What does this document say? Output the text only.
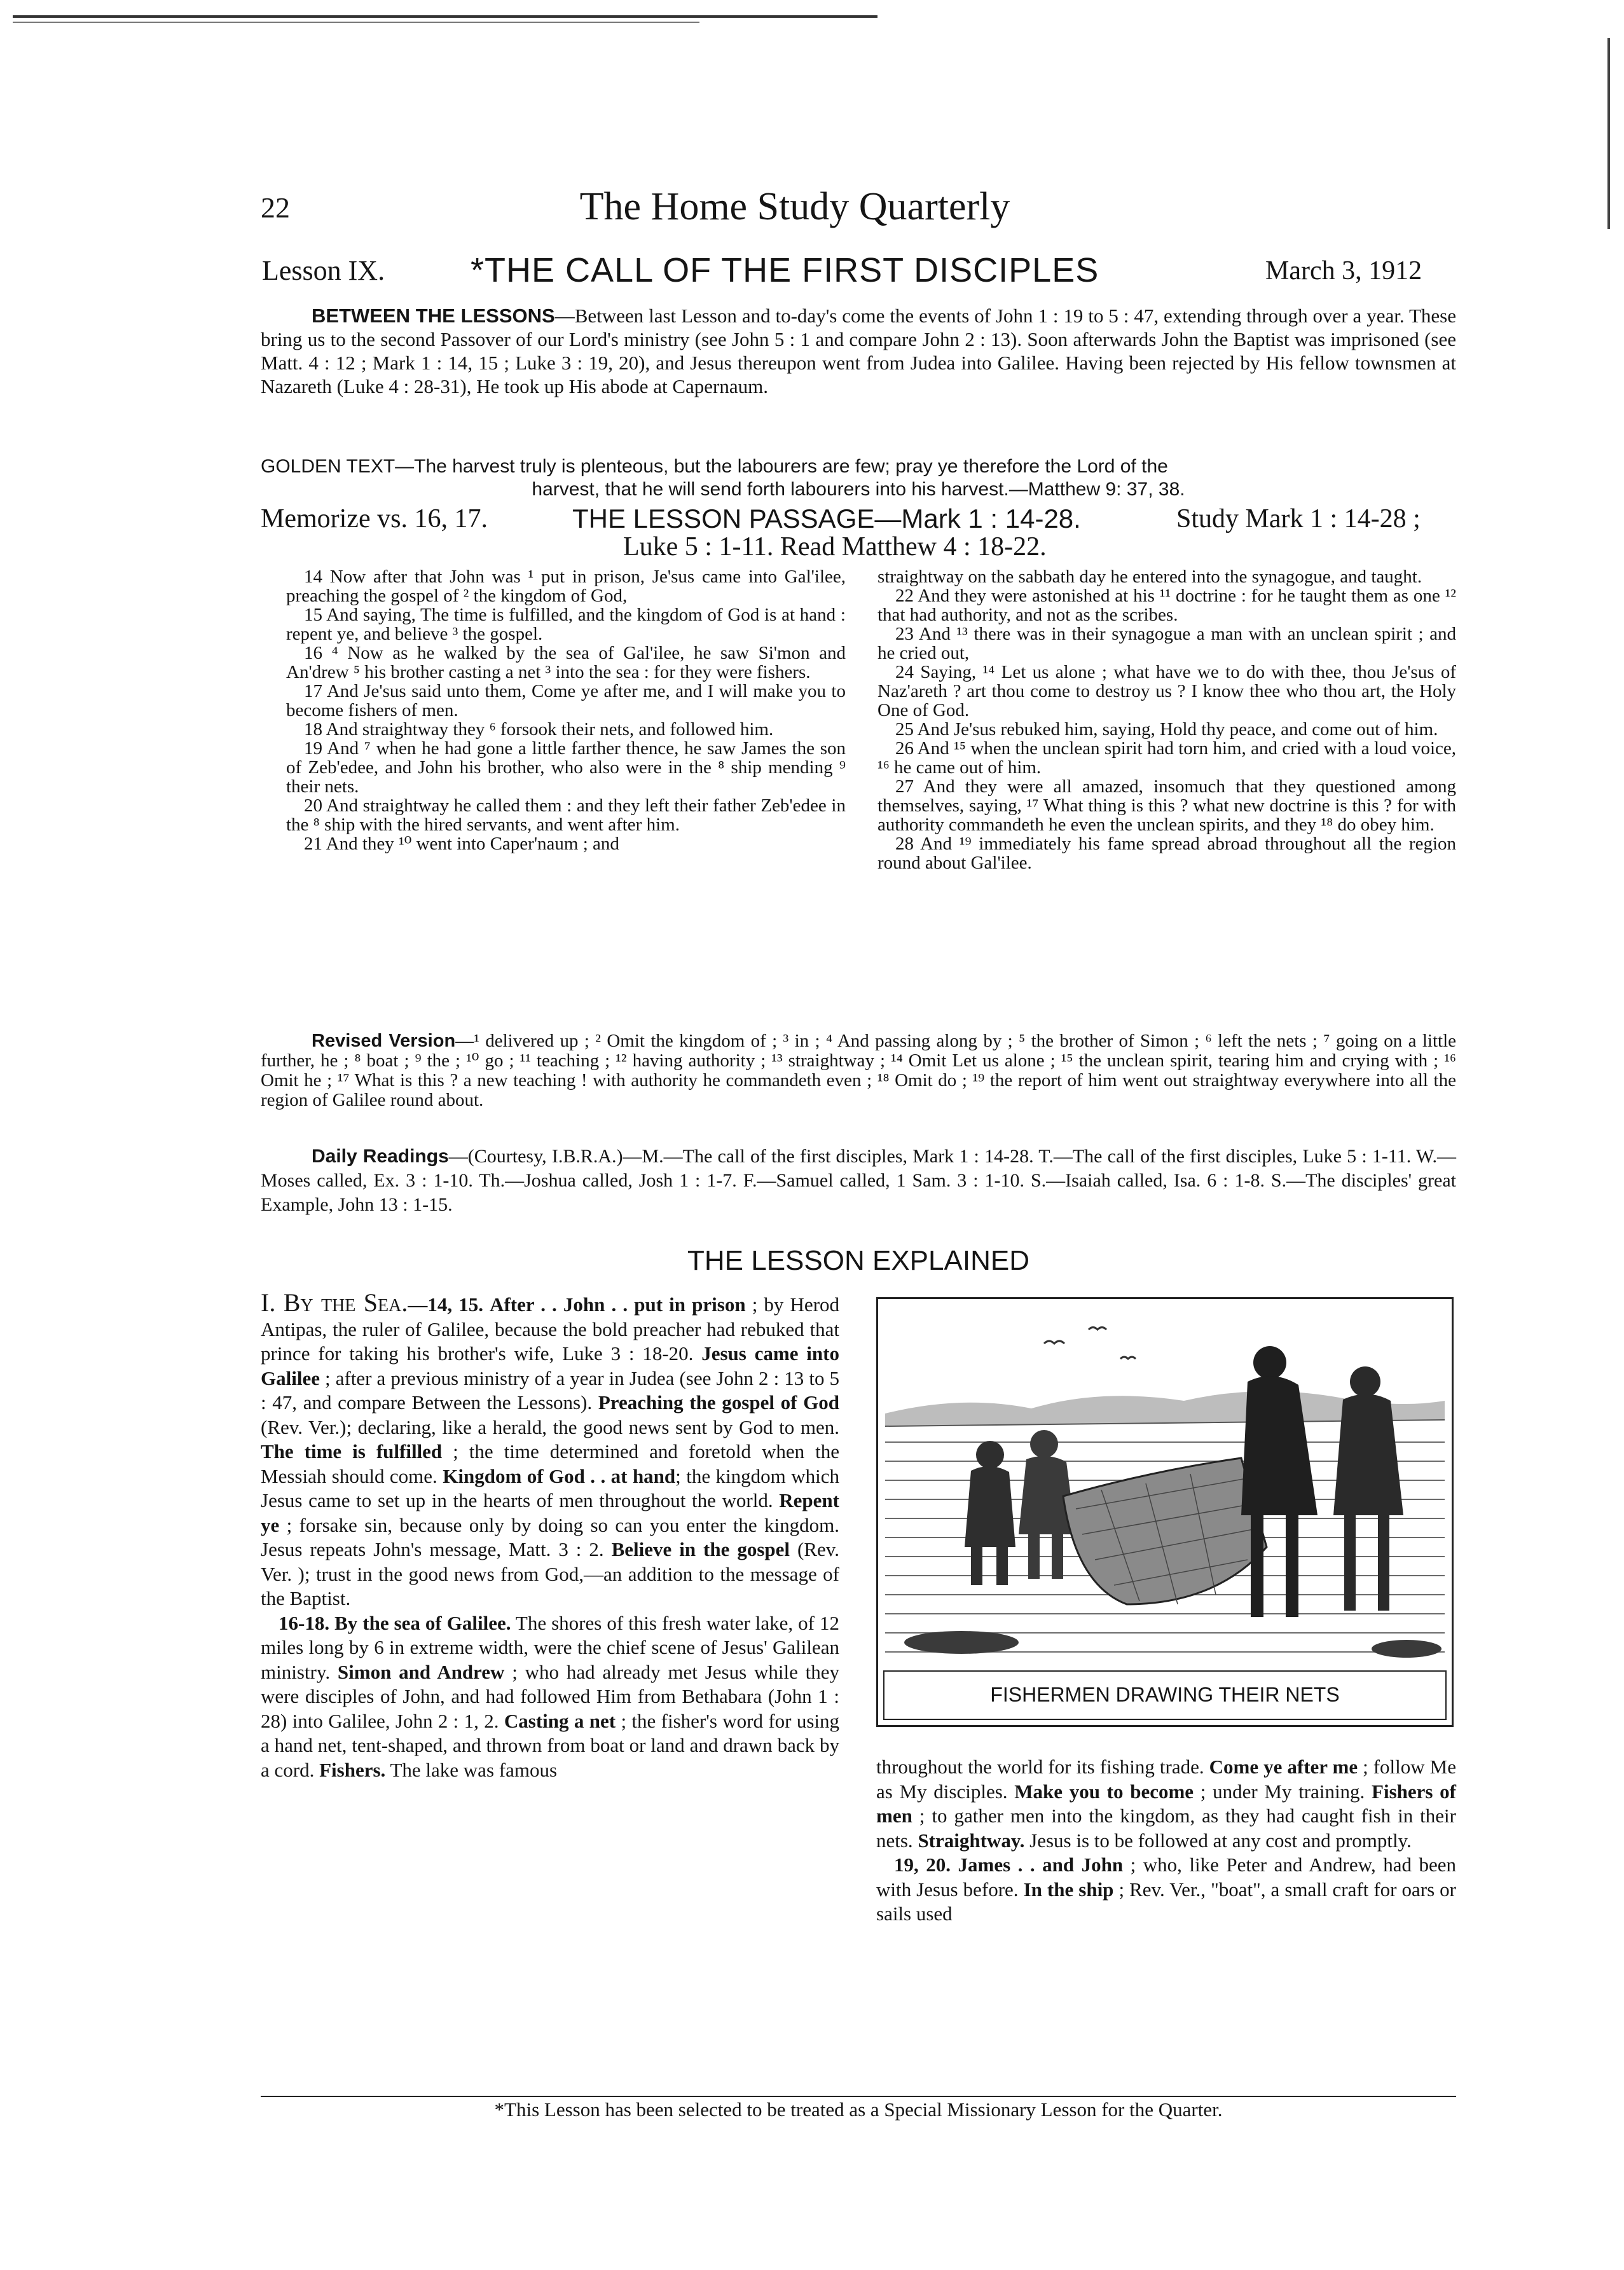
22	The Home Study Quarterly
Lesson IX. *THE CALL OF THE FIRST DISCIPLES	March 3, 1912
BETWEEN THE LESSONS—Between last Lesson and to-day's come the events of John 1 : 19 to 5 : 47, extending through over a year. These bring us to the second Passover of our Lord's ministry (see John 5 : 1 and compare John 2 : 13). Soon afterwards John the Baptist was imprisoned (see Matt. 4 : 12 ; Mark 1 : 14, 15 ; Luke 3 : 19, 20), and Jesus thereupon went from Judea into Galilee. Having been rejected by His fellow townsmen at Nazareth (Luke 4 : 28-31), He took up His abode at Capernaum.
GOLDEN TEXT—The harvest truly is plenteous, but the labourers are few; pray ye therefore the Lord of the
harvest, that he will send forth labourers into his harvest.—Matthew 9: 37, 38.
Memorize vs. 16, 17.	THE LESSON PASSAGE—Mark 1 : 14-28.	Study Mark 1 : 14-28 ;
Luke 5 : 1-11. Read Matthew 4 : 18-22.

14 Now after that John was ¹ put in prison, Je'sus came into Gal'ilee, preaching the gospel of ² the kingdom of God,

15 And saying, The time is fulfilled, and the kingdom of God is at hand : repent ye, and believe ³ the gospel.

16 ⁴ Now as he walked by the sea of Gal'ilee, he saw Si'mon and An'drew ⁵ his brother casting a net ³ into the sea : for they were fishers.

17 And Je'sus said unto them, Come ye after me, and I will make you to become fishers of men.

18 And straightway they ⁶ forsook their nets, and followed him.

19 And ⁷ when he had gone a little farther thence, he saw James the son of Zeb'edee, and John his brother, who also were in the ⁸ ship mending ⁹ their nets.

20 And straightway he called them : and they left their father Zeb'edee in the ⁸ ship with the hired servants, and went after him.

21 And they ¹⁰ went into Caper'naum ; and

straightway on the sabbath day he entered into the synagogue, and taught.

22 And they were astonished at his ¹¹ doctrine : for he taught them as one ¹² that had authority, and not as the scribes.

23 And ¹³ there was in their synagogue a man with an unclean spirit ; and he cried out,

24 Saying, ¹⁴ Let us alone ; what have we to do with thee, thou Je'sus of Naz'areth ? art thou come to destroy us ? I know thee who thou art, the Holy One of God.

25 And Je'sus rebuked him, saying, Hold thy peace, and come out of him.

26 And ¹⁵ when the unclean spirit had torn him, and cried with a loud voice, ¹⁶ he came out of him.

27 And they were all amazed, insomuch that they questioned among themselves, saying, ¹⁷ What thing is this ? what new doctrine is this ? for with authority commandeth he even the unclean spirits, and they ¹⁸ do obey him.

28 And ¹⁹ immediately his fame spread abroad throughout all the region round about Gal'ilee.

Revised Version—¹ delivered up ; ² Omit the kingdom of ; ³ in ; ⁴ And passing along by ; ⁵ the brother of Simon ; ⁶ left the nets ; ⁷ going on a little further, he ; ⁸ boat ; ⁹ the ; ¹⁰ go ; ¹¹ teaching ; ¹² having authority ; ¹³ straightway ; ¹⁴ Omit Let us alone ; ¹⁵ the unclean spirit, tearing him and crying with ; ¹⁶ Omit he ; ¹⁷ What is this ? a new teaching ! with authority he commandeth even ; ¹⁸ Omit do ; ¹⁹ the report of him went out straightway everywhere into all the region of Galilee round about.
Daily Readings—(Courtesy, I.B.R.A.)—M.—The call of the first disciples, Mark 1 : 14-28. T.—The call of the first disciples, Luke 5 : 1-11. W.—Moses called, Ex. 3 : 1-10. Th.—Joshua called, Josh 1 : 1-7. F.—Samuel called, 1 Sam. 3 : 1-10. S.—Isaiah called, Isa. 6 : 1-8. S.—The disciples' great Example, John 13 : 1-15.
THE LESSON EXPLAINED

I. By the Sea.—14, 15. After . . John . . put in prison ; by Herod Antipas, the ruler of Galilee, because the bold preacher had rebuked that prince for taking his brother's wife, Luke 3 : 18-20. Jesus came into Galilee ; after a previous ministry of a year in Judea (see John 2 : 13 to 5 : 47, and compare Between the Lessons). Preaching the gospel of God (Rev. Ver.); declaring, like a herald, the good news sent by God to men. The time is fulfilled ; the time determined and foretold when the Messiah should come. Kingdom of God . . at hand; the kingdom which Jesus came to set up in the hearts of men throughout the world. Repent ye ; forsake sin, because only by doing so can you enter the kingdom. Jesus repeats John's message, Matt. 3 : 2. Believe in the gospel (Rev. Ver. ); trust in the good news from God,—an addition to the message of the Baptist.

16-18. By the sea of Galilee. The shores of this fresh water lake, of 12 miles long by 6 in extreme width, were the chief scene of Jesus' Galilean ministry. Simon and Andrew ; who had already met Jesus while they were disciples of John, and had followed Him from Bethabara (John 1 : 28) into Galilee, John 2 : 1, 2. Casting a net ; the fisher's word for using a hand net, tent-shaped, and thrown from boat or land and drawn back by a cord. Fishers. The lake was famous

FISHERMEN DRAWING THEIR NETS

throughout the world for its fishing trade. Come ye after me ; follow Me as My disciples. Make you to become ; under My training. Fishers of men ; to gather men into the kingdom, as they had caught fish in their nets. Straightway. Jesus is to be followed at any cost and promptly.

19, 20. James . . and John ; who, like Peter and Andrew, had been with Jesus before. In the ship ; Rev. Ver., "boat", a small craft for oars or sails used

*This Lesson has been selected to be treated as a Special Missionary Lesson for the Quarter.
